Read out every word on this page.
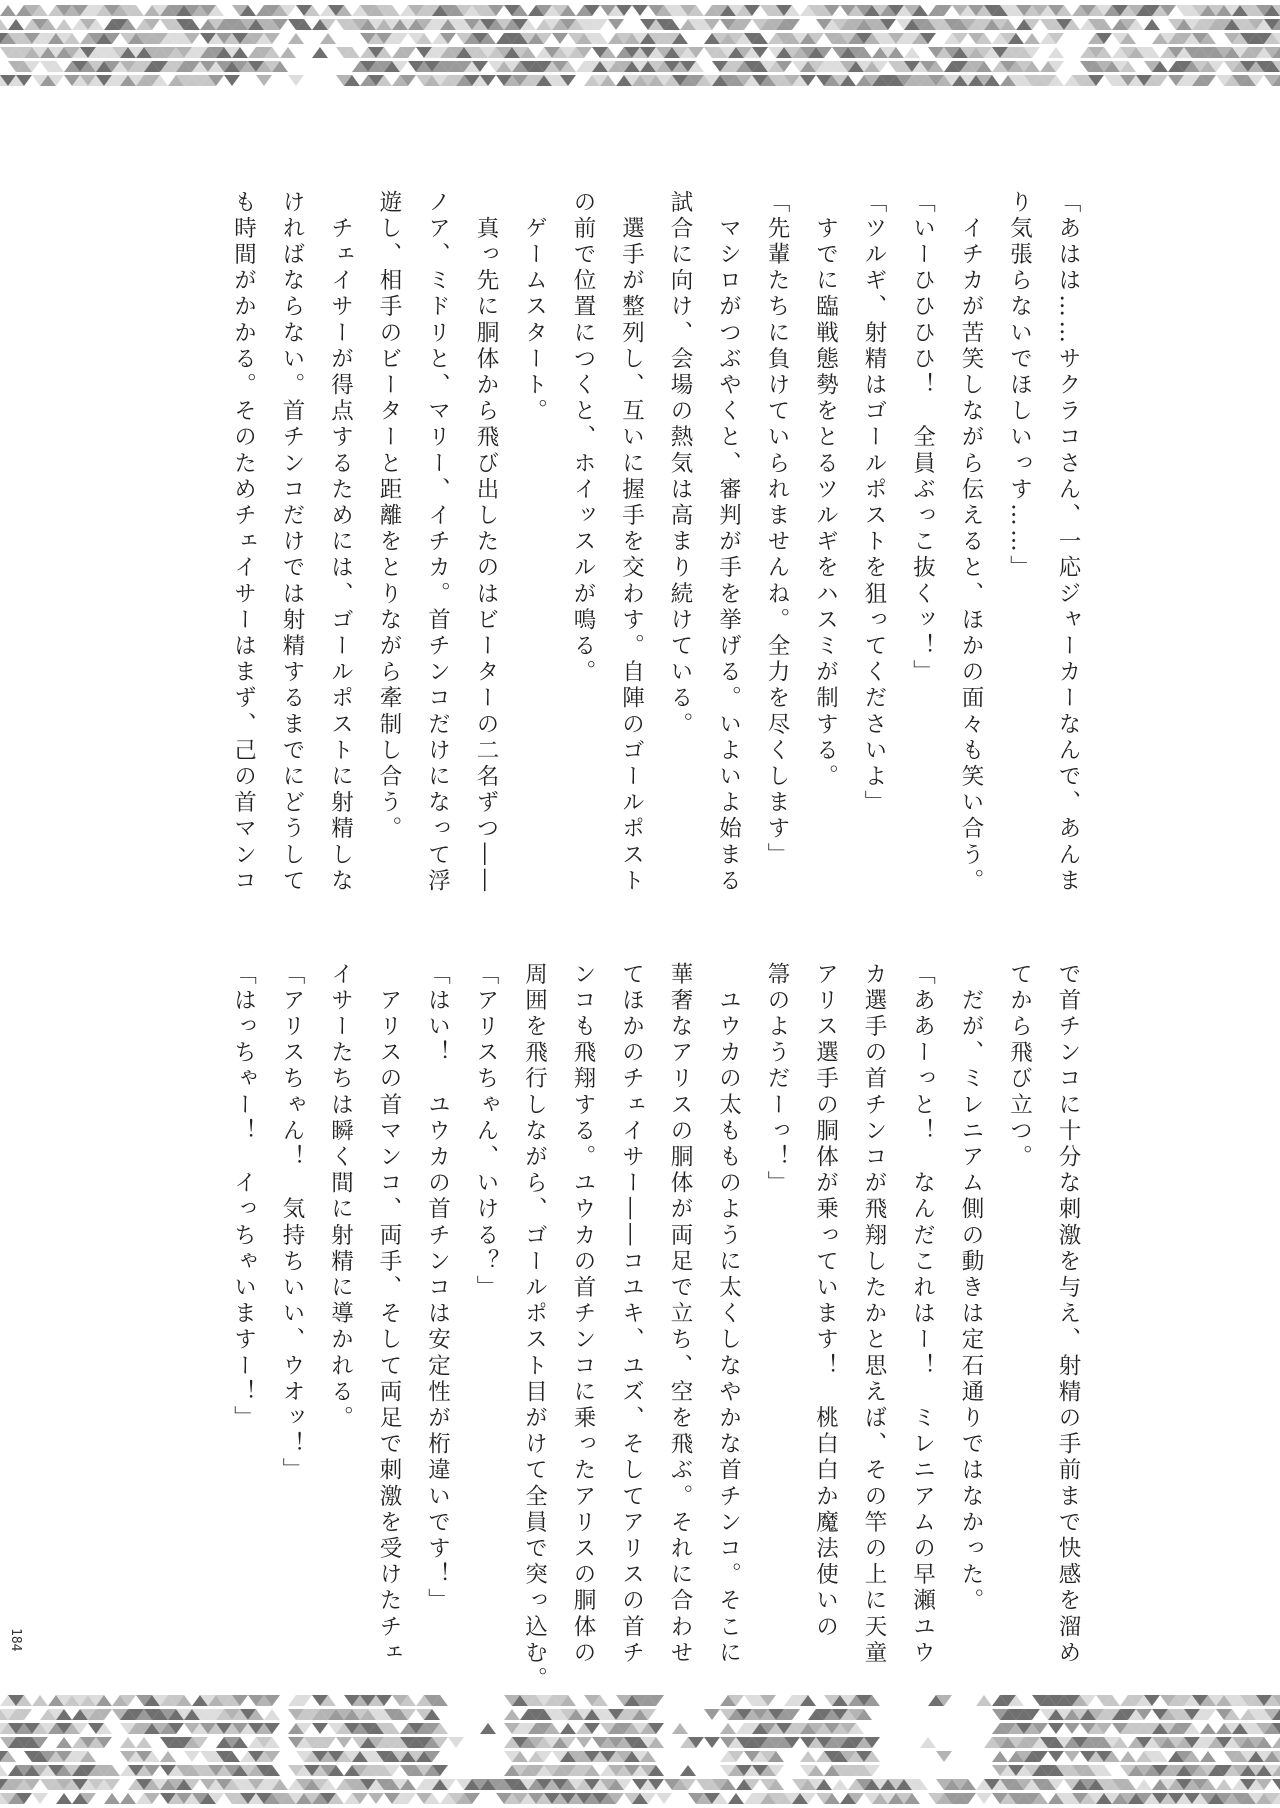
「あはは……サクラコさん、一応ジャーカーなんで、あんま
り気張らないでほしいっす……」
　イチカが苦笑しながら伝えると、ほかの面々も笑い合う。
「いーひひひひ！　全員ぶっこ抜くッ！」
「ツルギ、射精はゴールポストを狙ってくださいよ」
　すでに臨戦態勢をとるツルギをハスミが制する。
「先輩たちに負けていられませんね。全力を尽くします」
　マシロがつぶやくと、審判が手を挙げる。いよいよ始まる
試合に向け、会場の熱気は高まり続けている。
　選手が整列し、互いに握手を交わす。自陣のゴールポスト
の前で位置につくと、ホイッスルが鳴る。
　ゲームスタート。
　真っ先に胴体から飛び出したのはビーターの二名ずつ――
ノア、ミドリと、マリー、イチカ。首チンコだけになって浮
遊し、相手のビーターと距離をとりながら牽制し合う。
　チェイサーが得点するためには、ゴールポストに射精しな
ければならない。首チンコだけでは射精するまでにどうして
も時間がかかる。そのためチェイサーはまず、己の首マンコ
で首チンコに十分な刺激を与え、射精の手前まで快感を溜め
てから飛び立つ。
　だが、ミレニアム側の動きは定石通りではなかった。
「ああーっと！　なんだこれはー！　ミレニアムの早瀬ユウ
カ選手の首チンコが飛翔したかと思えば、その竿の上に天童
アリス選手の胴体が乗っています！　桃白白か魔法使いの
箒のようだーっ！」
　ユウカの太もものように太くしなやかな首チンコ。そこに
華奢なアリスの胴体が両足で立ち、空を飛ぶ。それに合わせ
てほかのチェイサー――コユキ、ユズ、そしてアリスの首チ
ンコも飛翔する。ユウカの首チンコに乗ったアリスの胴体の
周囲を飛行しながら、ゴールポスト目がけて全員で突っ込む。
「アリスちゃん、いける？」
「はい！　ユウカの首チンコは安定性が桁違いです！」
　アリスの首マンコ、両手、そして両足で刺激を受けたチェ
イサーたちは瞬く間に射精に導かれる。
「アリスちゃん！　気持ちいい、ウオッ！」
「はっちゃー！　イっちゃいますー！」
184
